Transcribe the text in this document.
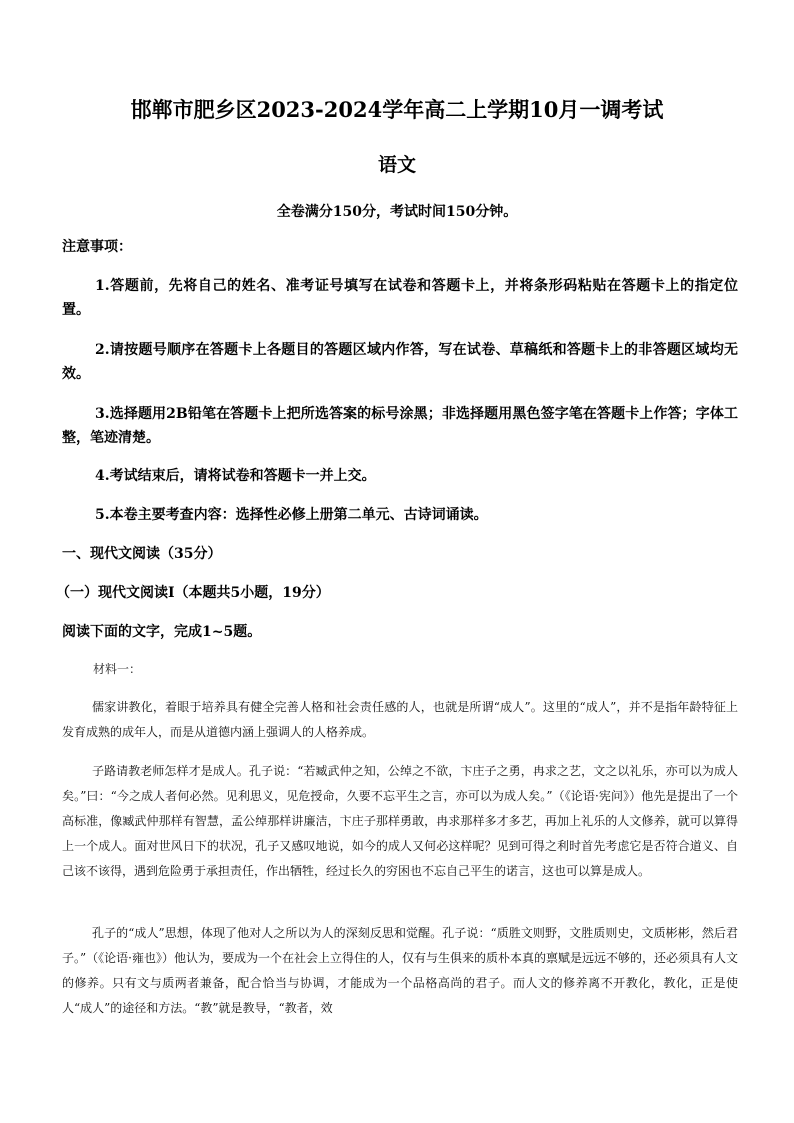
邯郸市肥乡区2023-2024学年高二上学期10月一调考试
语文
全卷满分150分，考试时间150分钟。
注意事项：
1.答题前，先将自己的姓名、准考证号填写在试卷和答题卡上，并将条形码粘贴在答题卡上的指定位置。
2.请按题号顺序在答题卡上各题目的答题区域内作答，写在试卷、草稿纸和答题卡上的非答题区域均无效。
3.选择题用2B铅笔在答题卡上把所选答案的标号涂黑；非选择题用黑色签字笔在答题卡上作答；字体工整，笔迹清楚。
4.考试结束后，请将试卷和答题卡一并上交。
5.本卷主要考查内容：选择性必修上册第二单元、古诗词诵读。
一、现代文阅读（35分）
（一）现代文阅读Ⅰ（本题共5小题，19分）
阅读下面的文字，完成1~5题。
材料一：
儒家讲教化，着眼于培养具有健全完善人格和社会责任感的人，也就是所谓“成人”。这里的“成人”，并不是指年龄特征上发育成熟的成年人，而是从道德内涵上强调人的人格养成。
子路请教老师怎样才是成人。孔子说：“若臧武仲之知，公绰之不欲，卞庄子之勇，冉求之艺，文之以礼乐，亦可以为成人矣。”曰：“今之成人者何必然。见利思义，见危授命，久要不忘平生之言，亦可以为成人矣。”（《论语·宪问》）他先是提出了一个高标准，像臧武仲那样有智慧，孟公绰那样讲廉洁，卞庄子那样勇敢，冉求那样多才多艺，再加上礼乐的人文修养，就可以算得上一个成人。面对世风日下的状况，孔子又感叹地说，如今的成人又何必这样呢？见到可得之利时首先考虑它是否符合道义、自己该不该得，遇到危险勇于承担责任，作出牺牲，经过长久的穷困也不忘自己平生的诺言，这也可以算是成人。
孔子的“成人”思想，体现了他对人之所以为人的深刻反思和觉醒。孔子说：“质胜文则野，文胜质则史，文质彬彬，然后君子。”（《论语·雍也》）他认为，要成为一个在社会上立得住的人，仅有与生俱来的质朴本真的禀赋是远远不够的，还必须具有人文的修养。只有文与质两者兼备，配合恰当与协调，才能成为一个品格高尚的君子。而人文的修养离不开教化，教化，正是使人“成人”的途径和方法。“教”就是教导，“教者，效
